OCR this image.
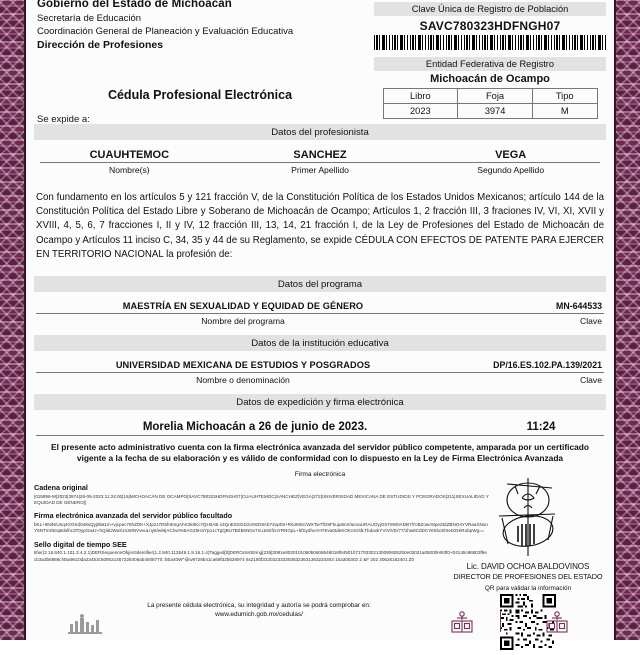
Gobierno del Estado de Michoacán
Secretaría de Educación
Coordinación General de Planeación y Evaluación Educativa
Dirección de Profesiones
Clave Única de Registro de Población
SAVC780323HDFNGH07
Entidad Federativa de Registro
Michoacán de Ocampo
Libro	Foja	Tipo
2023	3974	M
Cédula Profesional Electrónica
Se expide a:
Datos del profesionista
CUAUHTEMOC	SANCHEZ	VEGA
Nombre(s)	Primer Apellido	Segundo Apellido
Con fundamento en los artículos 5 y 121 fracción V, de la Constitución Política de los Estados Unidos Mexicanos; artículo 144 de la Constitución Política del Estado Libre y Soberano de Michoacán de Ocampo; Artículos 1, 2 fracción III, 3 fraciones IV, VI, XI, XVII y XVIII, 4, 5, 6, 7 fracciones I, II y IV, 12 fracción III, 13, 14, 21 fracción I, de la Ley de Profesiones del Estado de Michoacán de Ocampo y Artículos 11 inciso C, 34, 35 y 44 de su Reglamento, se expide CÉDULA CON EFECTOS DE PATENTE PARA EJERCER EN TERRITORIO NACIONAL la profesión de:
Datos del programa
MAESTRÍA EN SEXUALIDAD Y EQUIDAD DE GÉNERO	MN-644533
Nombre del programa	Clave
Datos de la institución educativa
UNIVERSIDAD MEXICANA DE ESTUDIOS Y POSGRADOS	DP/16.ES.102.PA.139/2021
Nombre o denominación	Clave
Datos de expedición y firma electrónica
Morelia Michoacán a 26 de junio de 2023.	11:24
El presente acto administrativo cuenta con la firma electrónica avanzada del servidor público competente, amparada por un certificado
vigente a la fecha de su elaboración y es válido de conformidad con lo dispuesto en la Ley de Firma Electrónica Avanzada
Firma electrónica
Cadena original
|015896-M|2023|3974|26-06-2023 11:24:00|16|MICHOACÁN DE OCAMPO|SAVC780323HDFNGH07|CUAUHTEMOC|SANCHEZ|VEGA|272|UNIVERSIDAD MEXICANA DE ESTUDIOS Y POSGRADOS|311|SEXUALIDAD Y EQUIDAD DE GÉNERO||
Firma electrónica avanzada del servidor público facultado
bKL+9NiN/Unq4GGKd048xQyj9lat1m+vjcpec76hZDK+XJpzJ7D6hIKngAhS2k8Kc7QH3AB x3QnESSGDzor9zD9Ab72vpDs+R6JMSc/WXTwTfO9Fhuju9nX/se1aURAUOyjOST8W0ADB7l7cBZowA8peZtdZBNO4YVRaaXNunY5NTmOteq8dolhc3T0ypGa4z+hQii8JWuKzoS8NVveuLny6/w9rjAChwYe5AGZ0H4Ypo1cTgQBU7BZBsNGv7nu1KEfzuYRNGpL+bfSydhvAHTEva0tdeKOKoG/sfLTbdavkYVIViVD/77/1hw8CdDCYeSbcEhIeDZHiRubpWg==
Sello digital de tiempo SEE
tifier(2.16.840.1.101.3.4.2.1)DERSequenceObjectIdentifier(1.2.840.113549.1.9.16.1.4)Tagged[0]DEROctetString[235]3081e8020101060b0608648018f845010717033021300906052b0e03021a05000HE0f0+04145c86803f9ecb3a3b6886cf45a9610da23453c509021457228406ab4008770::hEa40W^@w9729b41ca69f32b626974 6x2180f3230323333036323631363234303 15a300302 2 &F 202 30626162401 Z0
Lic. DAVID OCHOA BALDOVINOS
DIRECTOR DE PROFESIONES DEL ESTADO
QR para validar la información
La presente cédula electrónica, su integridad y autoría se podrá comprobar en:
www.edumich.gob.mx/cedulas/
